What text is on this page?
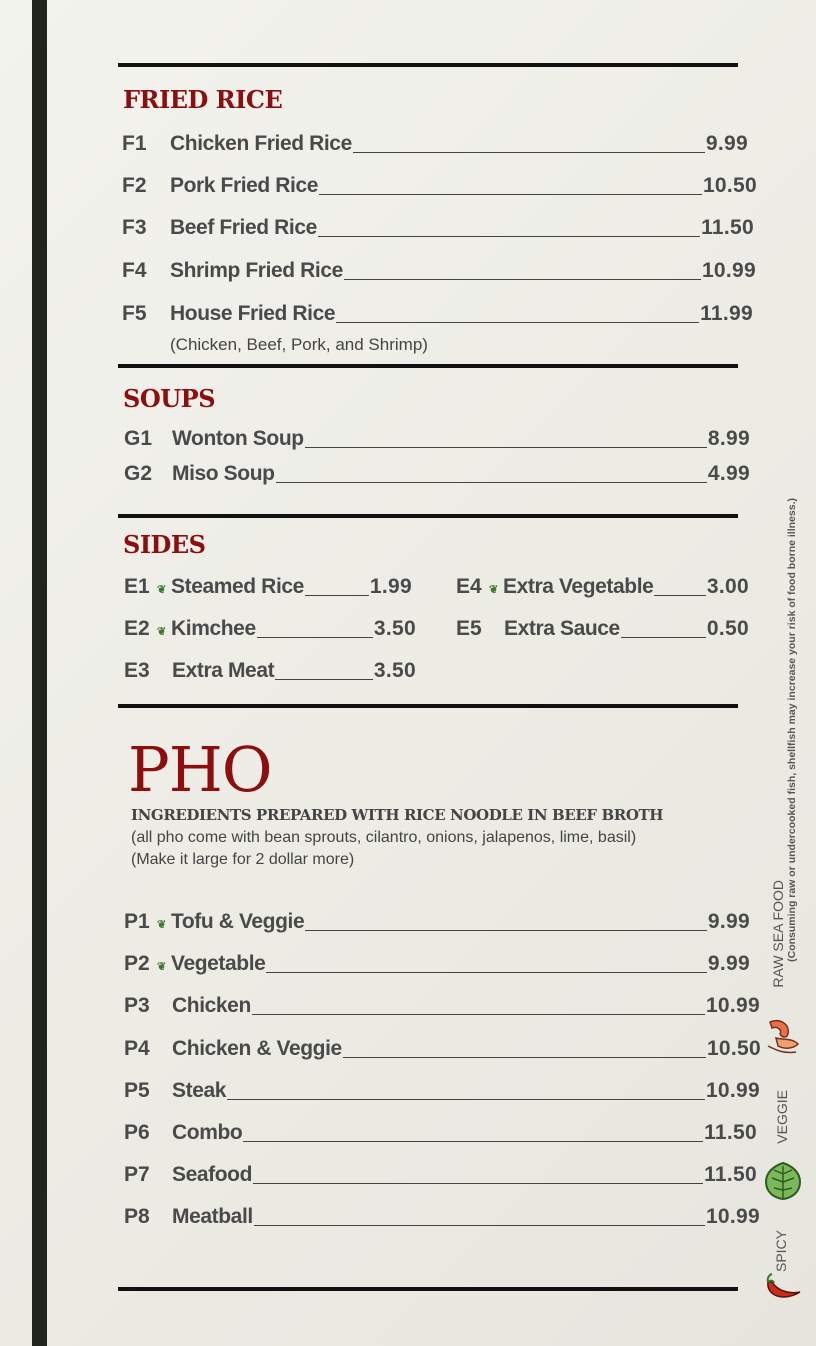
FRIED RICE
F1	Chicken Fried Rice	9.99
F2	Pork Fried Rice	10.50
F3	Beef Fried Rice	11.50
F4	Shrimp Fried Rice	10.99
F5	House Fried Rice	11.99
(Chicken, Beef, Pork, and Shrimp)
SOUPS
G1 Wonton Soup	8.99
G2 Miso Soup	4.99
SIDES
E1 ❦ Steamed Rice	1.99
E2 ❦ Kimchee	3.50
E3	Extra Meat	3.50
E4 ❦ Extra Vegetable	3.00
E5	Extra Sauce	0.50
PHO
INGREDIENTS PREPARED WITH RICE NOODLE IN BEEF BROTH
(all pho come with bean sprouts, cilantro, onions, jalapenos, lime, basil)
(Make it large for 2 dollar more)
P1 ❦ Tofu & Veggie	9.99
P2 ❦ Vegetable	9.99
P3	Chicken	10.99
P4	Chicken & Veggie	10.50
P5	Steak	10.99
P6	Combo	11.50
P7	Seafood	11.50
P8	Meatball	10.99
(Consuming raw or undercooked fish, shellfish may increase your risk of food borne illness.)
RAW SEA FOOD
VEGGIE
SPICY
